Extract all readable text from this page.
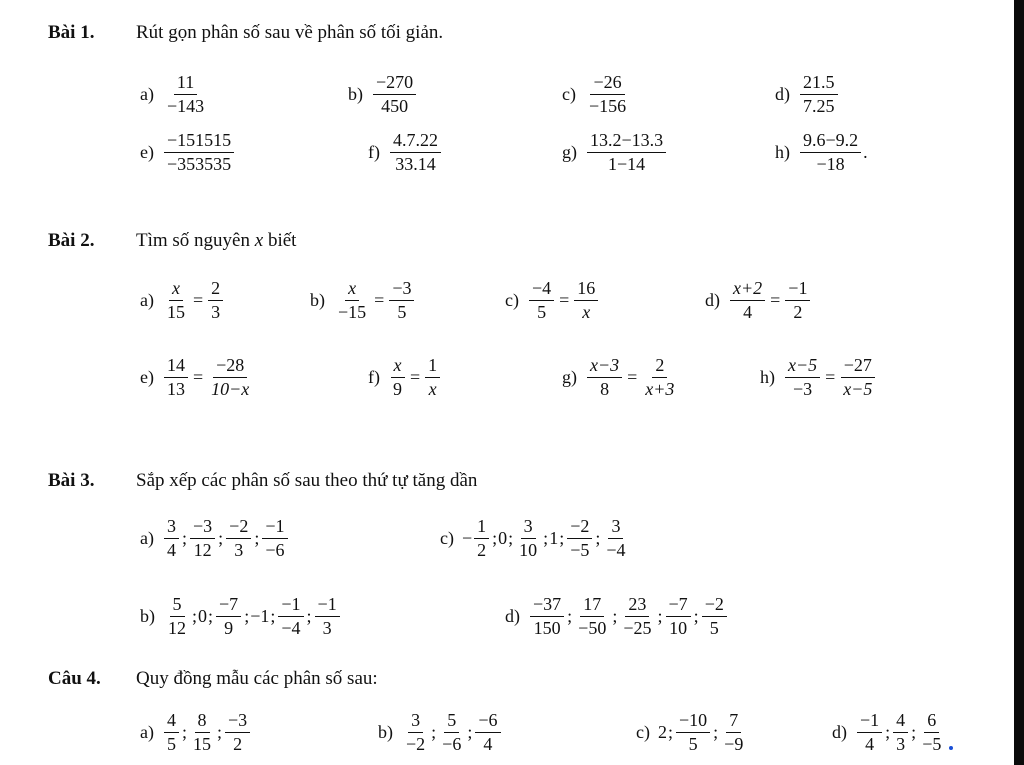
Bài 1. Rút gọn phân số sau về phân số tối giản.
$a) \frac{11}{-143}$	$b) \frac{-270}{450}$	$c) \frac{-26}{-156}$	$d) \frac{21.5}{7.25}$
$e) \frac{-151515}{-353535}$	$f) \frac{4.7.22}{33.14}$	$g) \frac{13.2-13.3}{1-14}$	$h) \frac{9.6-9.2}{-18}$ .
Bài 2. Tìm số nguyên x biết
$a) \frac{x}{15} = \frac{2}{3}$	$b) \frac{x}{-15} = \frac{-3}{5}$	$c) \frac{-4}{5} = \frac{16}{x}$	$d) \frac{x+2}{4} = \frac{-1}{2}$
$e) \frac{14}{13} = \frac{-28}{10-x}$	$f) \frac{x}{9} = \frac{1}{x}$	$g) \frac{x-3}{8} = \frac{2}{x+3}$	$h) \frac{x-5}{-3} = \frac{-27}{x-5}$
Bài 3. Sắp xếp các phân số sau theo thứ tự tăng dần
$a) \frac{3}{4}$ ; $\frac{-3}{12}$ ; $\frac{-2}{3}$ ; $\frac{-1}{-6}$	$c) - \frac{1}{2}$ ; 0 ; $\frac{3}{10}$ ; 1 ; $\frac{-2}{-5}$ ; $\frac{3}{-4}$
$b) \frac{5}{12}$ ; 0 ; $\frac{-7}{9}$ ; −1 ; $\frac{-1}{-4}$ ; $\frac{-1}{3}$	$d) \frac{-37}{150}$ ; $\frac{17}{-50}$ ; $\frac{23}{-25}$ ; $\frac{-7}{10}$ ; $\frac{-2}{5}$
Câu 4. Quy đồng mẫu các phân số sau:
$a) \frac{4}{5}$ ; $\frac{8}{15}$ ; $\frac{-3}{2}$	$b) \frac{3}{-2}$ ; $\frac{5}{-6}$ ; $\frac{-6}{4}$	c) 2 ; $\frac{-10}{5}$ ; $\frac{7}{-9}$	$d) \frac{-1}{4}$ ; $\frac{4}{3}$ ; $\frac{6}{-5}$
